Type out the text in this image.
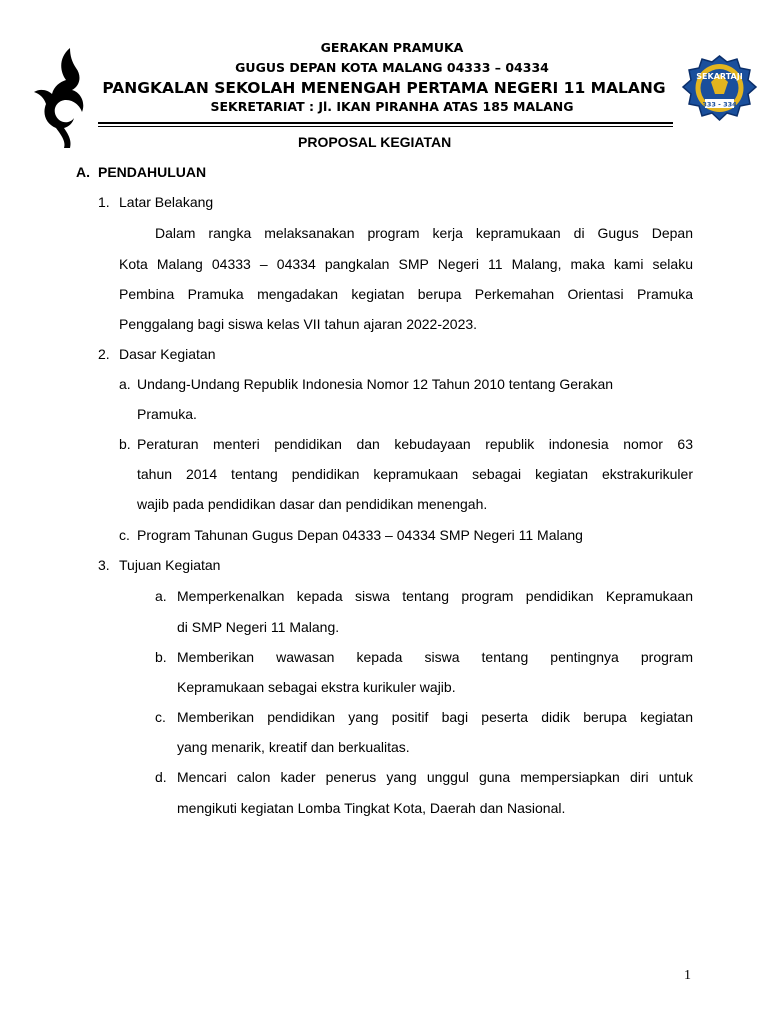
GERAKAN PRAMUKA
GUGUS DEPAN KOTA MALANG 04333 – 04334
PANGKALAN SEKOLAH MENENGAH PERTAMA NEGERI 11 MALANG
SEKRETARIAT : Jl. IKAN PIRANHA ATAS 185 MALANG
SEKARTAJI
333 - 334
PROPOSAL KEGIATAN
A. PENDAHULUAN
1. Latar Belakang
Dalam rangka melaksanakan program kerja kepramukaan di Gugus Depan
Kota Malang 04333 – 04334 pangkalan SMP Negeri 11 Malang, maka kami selaku
Pembina Pramuka mengadakan kegiatan berupa Perkemahan Orientasi Pramuka
Penggalang bagi siswa kelas VII tahun ajaran 2022-2023.
2. Dasar Kegiatan
a. Undang-Undang Republik Indonesia Nomor 12 Tahun 2010 tentang Gerakan
Pramuka.
b. Peraturan menteri pendidikan dan kebudayaan republik indonesia nomor 63
tahun 2014 tentang pendidikan kepramukaan sebagai kegiatan ekstrakurikuler
wajib pada pendidikan dasar dan pendidikan menengah.
c. Program Tahunan Gugus Depan 04333 – 04334 SMP Negeri 11 Malang
3. Tujuan Kegiatan
a. Memperkenalkan kepada siswa tentang program pendidikan Kepramukaan
di SMP Negeri 11 Malang.
b. Memberikan wawasan kepada siswa tentang pentingnya program
Kepramukaan sebagai ekstra kurikuler wajib.
c. Memberikan pendidikan yang positif bagi peserta didik berupa kegiatan
yang menarik, kreatif dan berkualitas.
d. Mencari calon kader penerus yang unggul guna mempersiapkan diri untuk
mengikuti kegiatan Lomba Tingkat Kota, Daerah dan Nasional.
1
